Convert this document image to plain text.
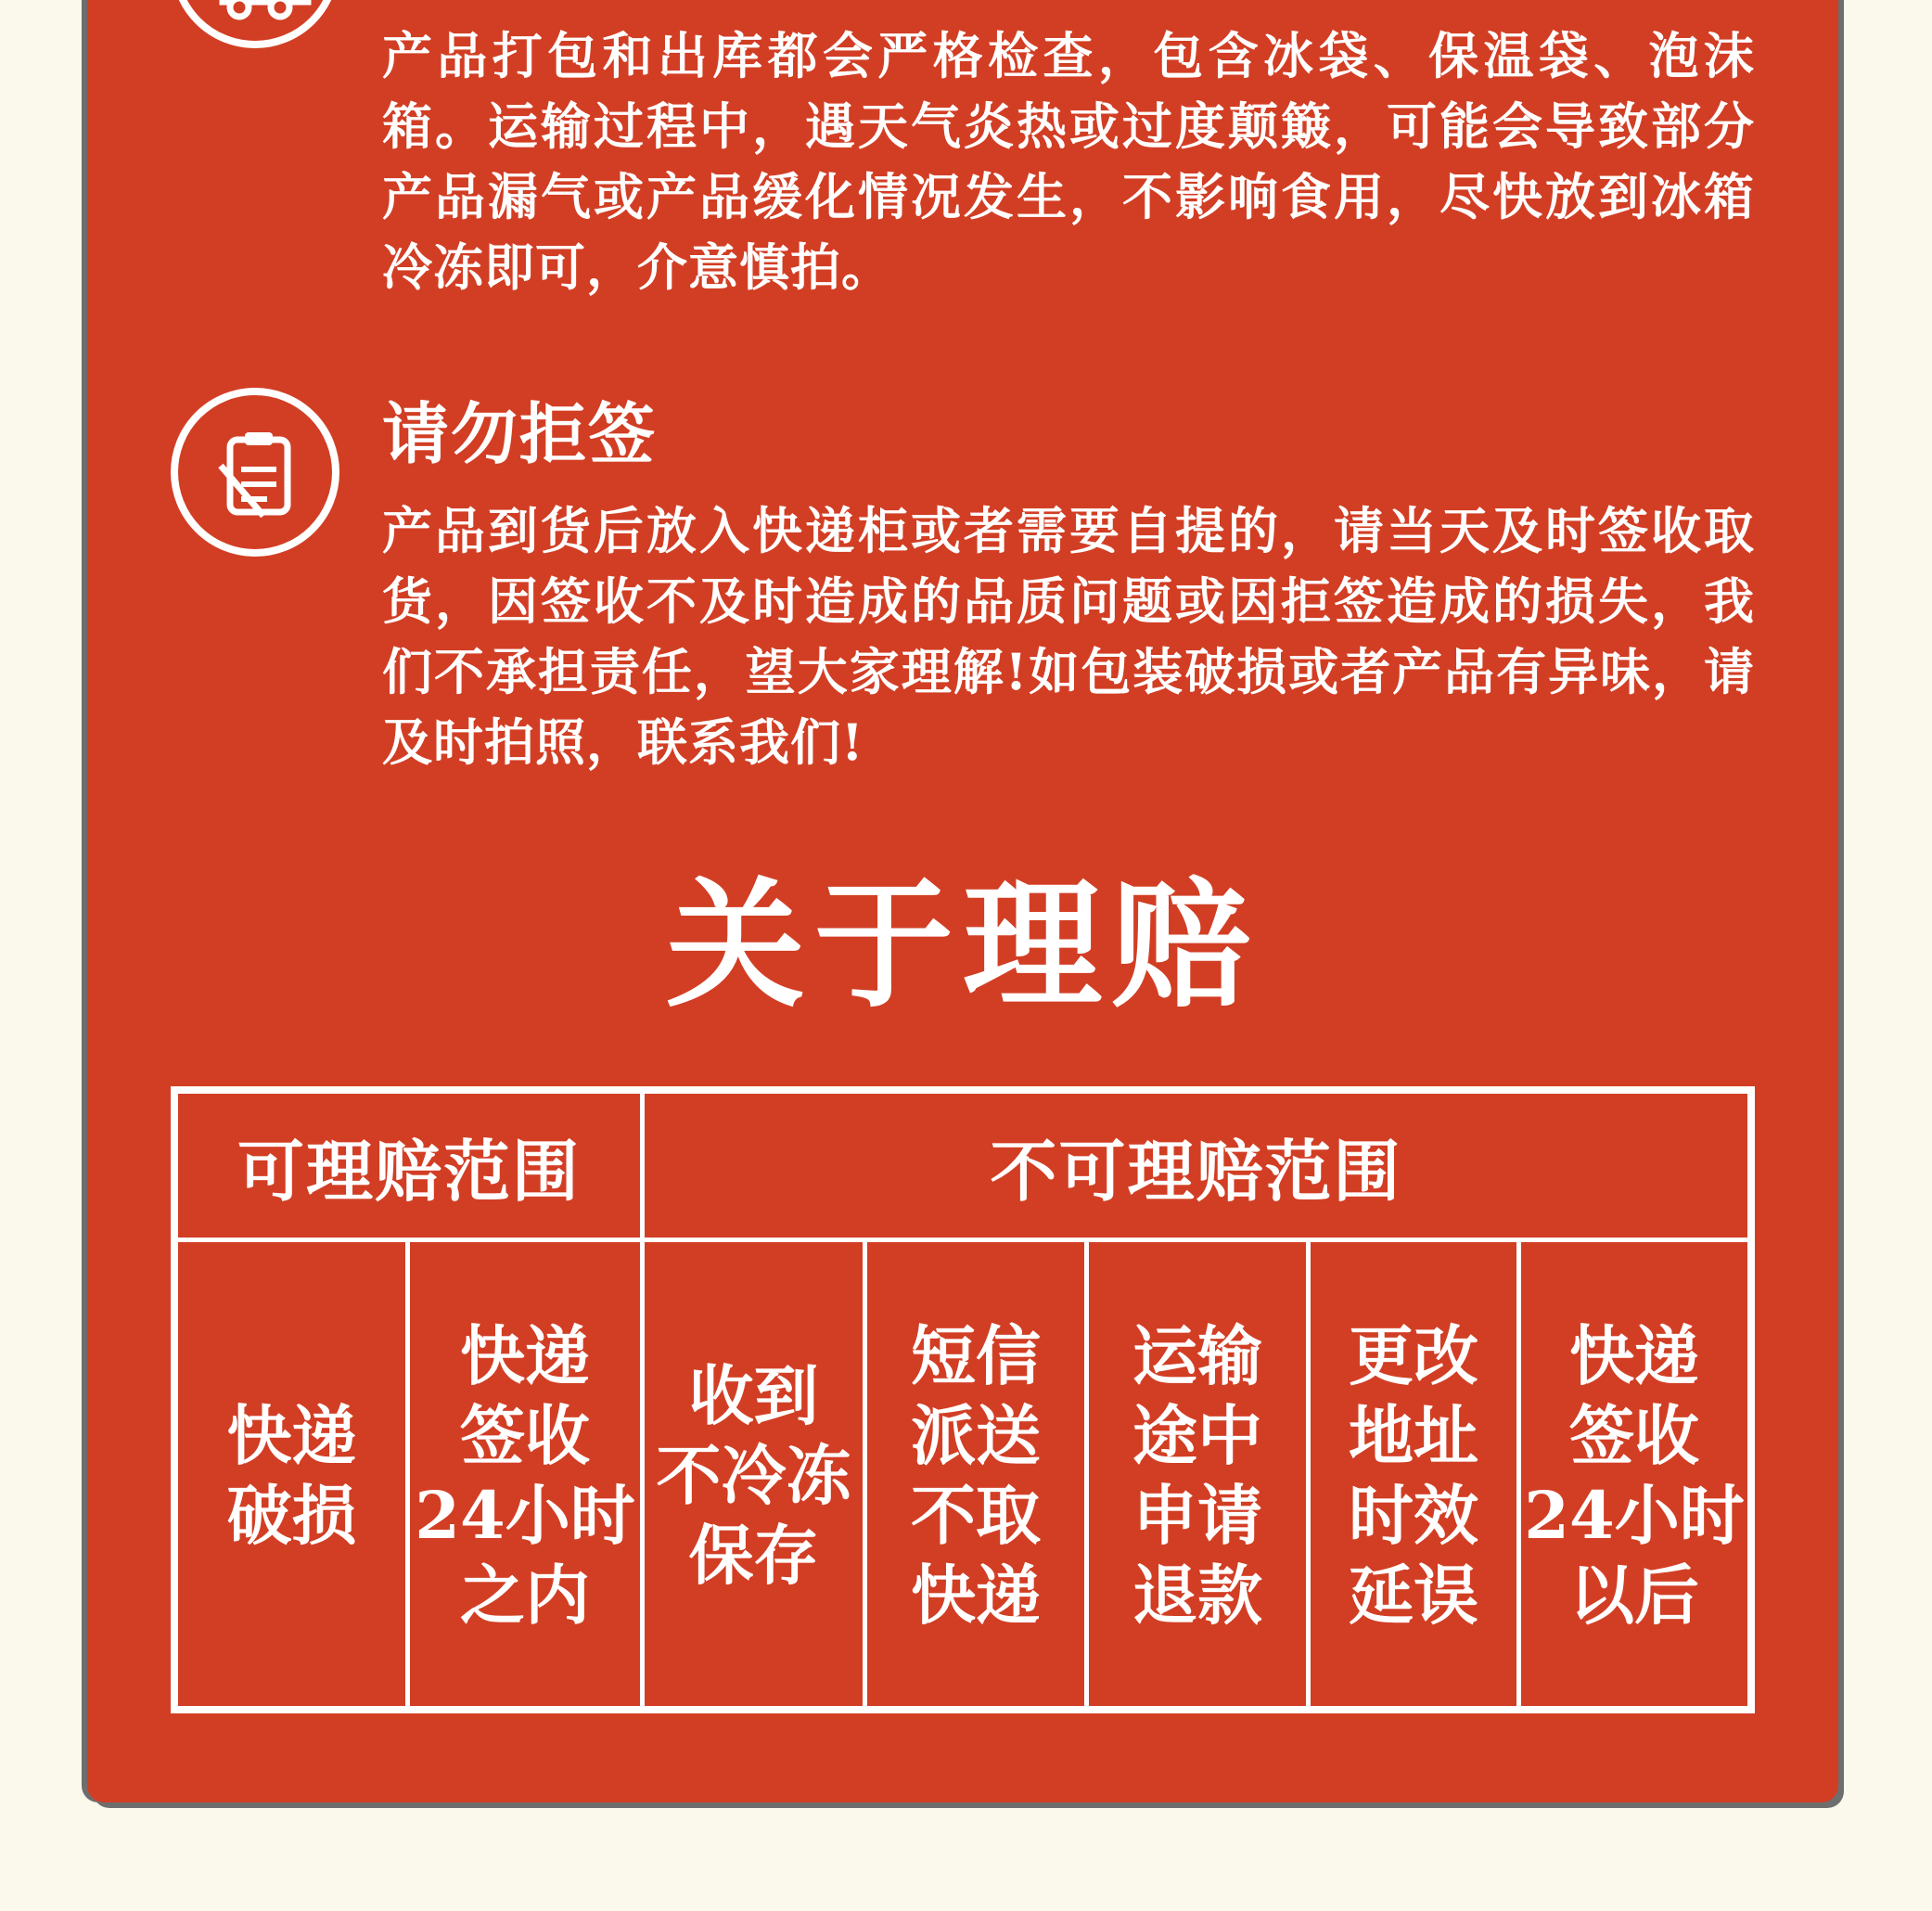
产品打包和出库都会严格检查，包含冰袋、保温袋、泡沫箱。运输过程中，遇天气炎热或过度颠簸，可能会导致部分产品漏气或产品缓化情况发生，不影响食用，尽快放到冰箱冷冻即可，介意慎拍。
请勿拒签
产品到货后放入快递柜或者需要自提的，请当天及时签收取货，因签收不及时造成的品质问题或因拒签造成的损失，我们不承担责任，望大家理解!如包装破损或者产品有异味，请及时拍照，联系我们!
关于理赔
可理赔范围	不可理赔范围
快递
破损
快递
签收
24小时
之内
收到
不冷冻
保存
短信
派送
不取
快递
运输
途中
申请
退款
更改
地址
时效
延误
快递
签收
24小时
以后
